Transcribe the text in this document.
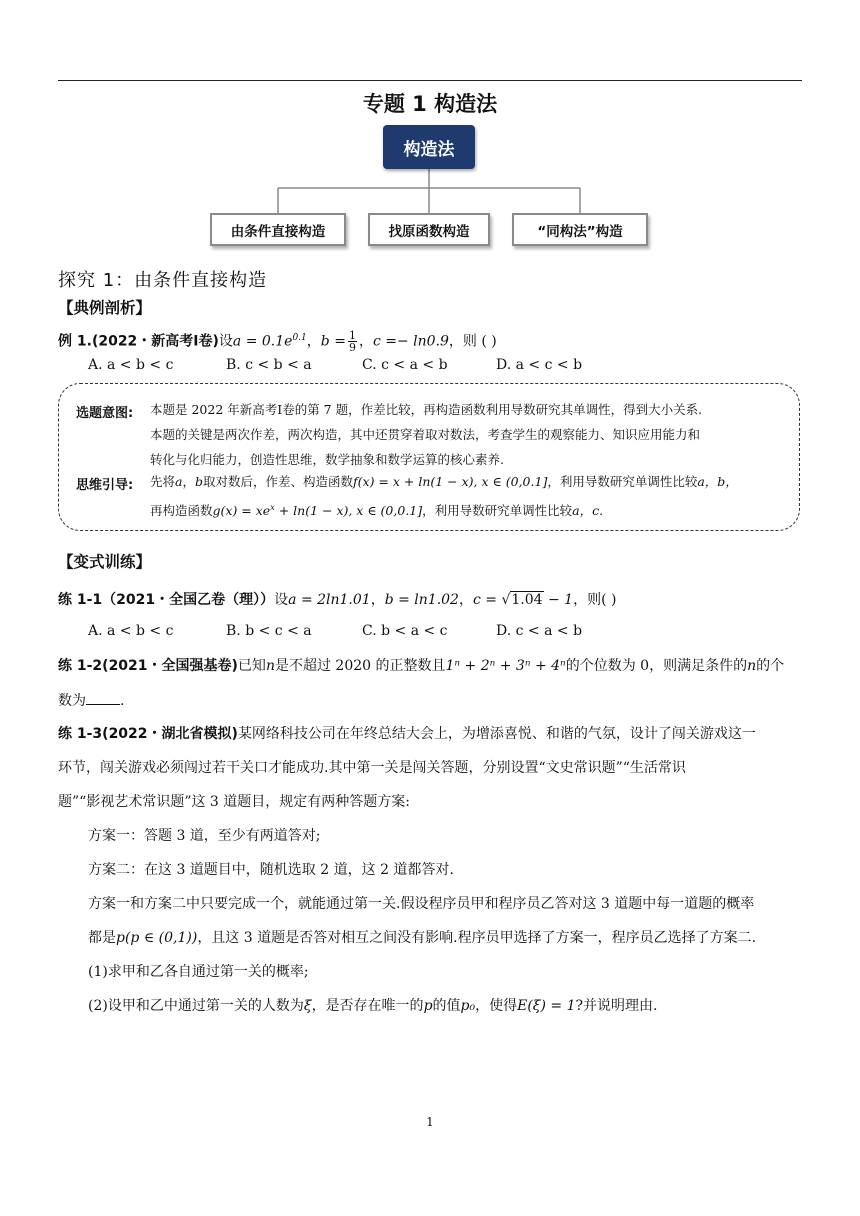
专题 1 构造法
构造法
由条件直接构造	找原函数构造	“同构法”构造
探究 1：由条件直接构造
【典例剖析】
例 1.(2022・新高考Ⅰ卷)设$a = 0.1e^{0.1}$，$b = \frac{1}{9}$ ，c =− ln0.9，则 ( )
A. a < b < c	B. c < b < a	C. c < a < b	D. a < c < b
选题意图: 本题是 2022 年新高考Ⅰ卷的第 7 题，作差比较，再构造函数利用导数研究其单调性，得到大小关系.
本题的关键是两次作差，两次构造，其中还贯穿着取对数法，考查学生的观察能力、知识应用能力和
转化与化归能力，创造性思维，数学抽象和数学运算的核心素养.
思维引导: 先将a，b取对数后，作差、构造函数f(x) = x + ln(1 − x), x ∈ (0,0.1]，利用导数研究单调性比较a，b，
再构造函数$g(x) = xe^x + \ln(1 - x)$, x ∈ (0,0.1]，利用导数研究单调性比较a，c.
【变式训练】
练 1-1（2021・全国乙卷（理））设a = 2ln1.01，b = ln1.02，c = √1.04 − 1，则( )
A. a < b < c	B. b < c < a	C. b < a < c	D. c < a < b
练 1-2(2021・全国强基卷)已知n是不超过 2020 的正整数且1ⁿ + 2ⁿ + 3ⁿ + 4ⁿ的个位数为 0，则满足条件的n的个
数为 .
练 1-3(2022・湖北省模拟)某网络科技公司在年终总结大会上，为增添喜悦、和谐的气氛，设计了闯关游戏这一
环节，闯关游戏必须闯过若干关口才能成功.其中第一关是闯关答题，分别设置“文史常识题”“生活常识
题”“影视艺术常识题”这 3 道题目，规定有两种答题方案:
方案一：答题 3 道，至少有两道答对;
方案二：在这 3 道题目中，随机选取 2 道，这 2 道都答对.
方案一和方案二中只要完成一个，就能通过第一关.假设程序员甲和程序员乙答对这 3 道题中每一道题的概率
都是p(p ∈ (0,1))，且这 3 道题是否答对相互之间没有影响.程序员甲选择了方案一，程序员乙选择了方案二.
(1)求甲和乙各自通过第一关的概率;
(2)设甲和乙中通过第一关的人数为ξ，是否存在唯一的p的值p₀，使得E(ξ) = 1?并说明理由.
1
